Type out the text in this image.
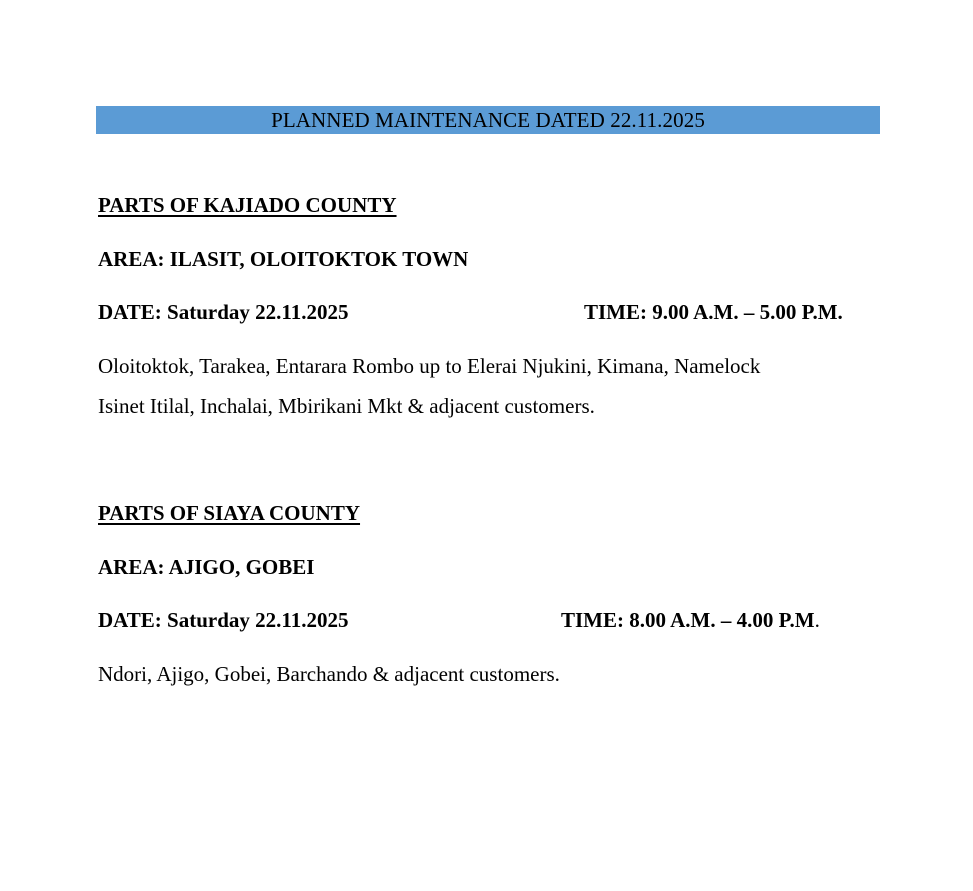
PLANNED MAINTENANCE DATED 22.11.2025
PARTS OF KAJIADO COUNTY
AREA: ILASIT, OLOITOKTOK TOWN
DATE: Saturday 22.11.2025	TIME: 9.00 A.M. – 5.00 P.M.
Oloitoktok, Tarakea, Entarara Rombo up to Elerai Njukini, Kimana, Namelock
Isinet Itilal, Inchalai, Mbirikani Mkt & adjacent customers.
PARTS OF SIAYA COUNTY
AREA: AJIGO, GOBEI
DATE: Saturday 22.11.2025	TIME: 8.00 A.M. – 4.00 P.M.
Ndori, Ajigo, Gobei, Barchando & adjacent customers.
